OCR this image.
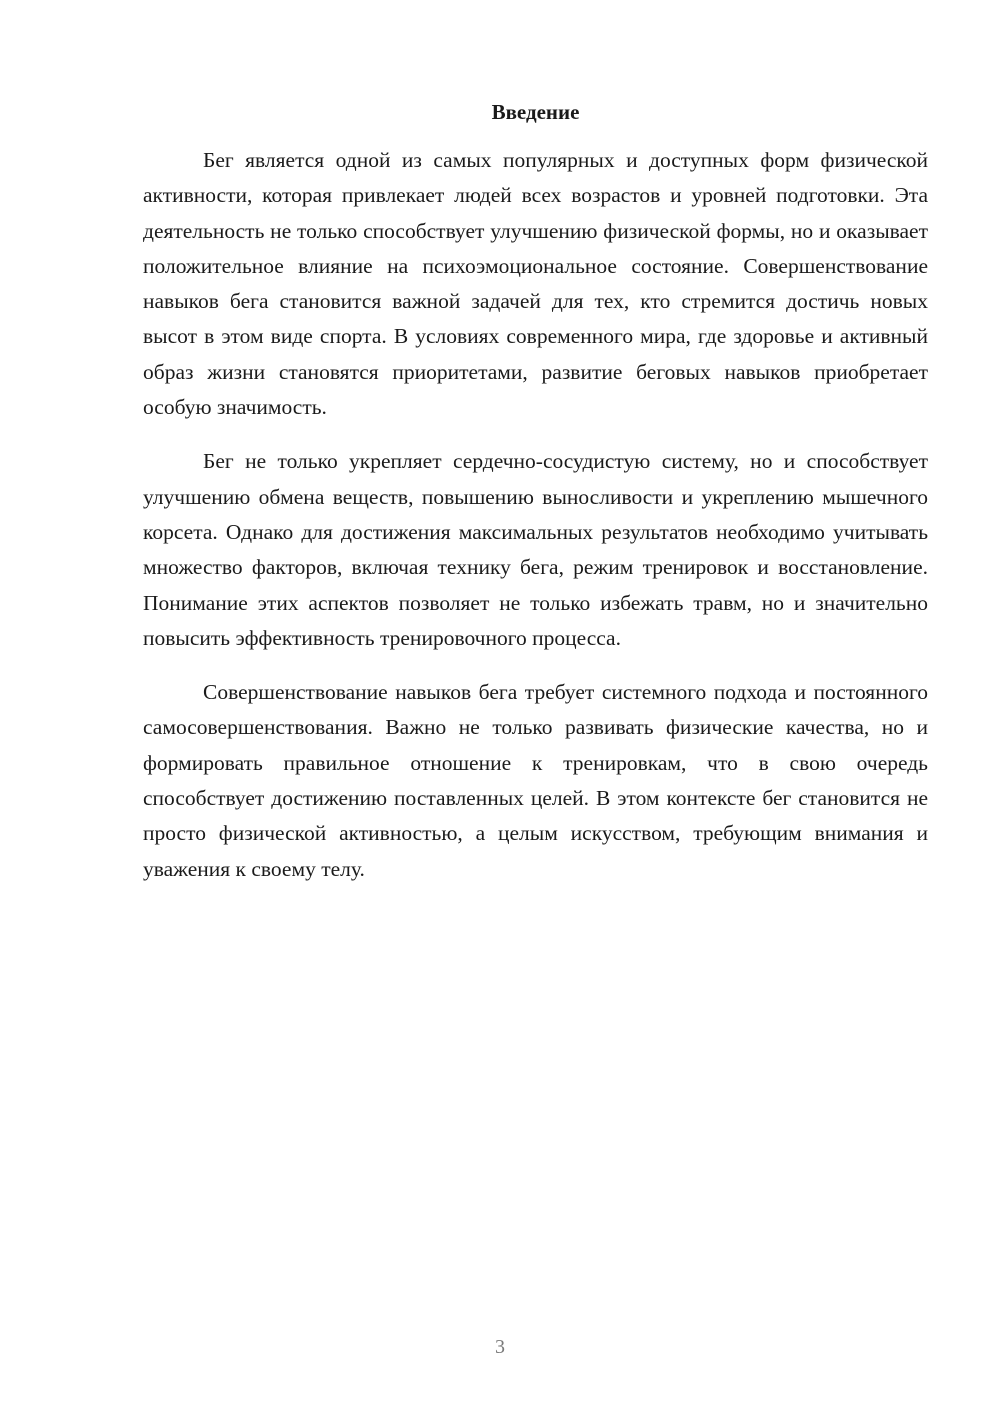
Введение

Бег является одной из самых популярных и доступных форм физической активности, которая привлекает людей всех возрастов и уровней подготовки. Эта деятельность не только способствует улучшению физической формы, но и оказывает положительное влияние на психоэмоциональное состояние. Совершенствование навыков бега становится важной задачей для тех, кто стремится достичь новых высот в этом виде спорта. В условиях современного мира, где здоровье и активный образ жизни становятся приоритетами, развитие беговых навыков приобретает особую значимость.

Бег не только укрепляет сердечно-сосудистую систему, но и способствует улучшению обмена веществ, повышению выносливости и укреплению мышечного корсета. Однако для достижения максимальных результатов необходимо учитывать множество факторов, включая технику бега, режим тренировок и восстановление. Понимание этих аспектов позволяет не только избежать травм, но и значительно повысить эффективность тренировочного процесса.

Совершенствование навыков бега требует системного подхода и постоянного самосовершенствования. Важно не только развивать физические качества, но и формировать правильное отношение к тренировкам, что в свою очередь способствует достижению поставленных целей. В этом контексте бег становится не просто физической активностью, а целым искусством, требующим внимания и уважения к своему телу.

3
